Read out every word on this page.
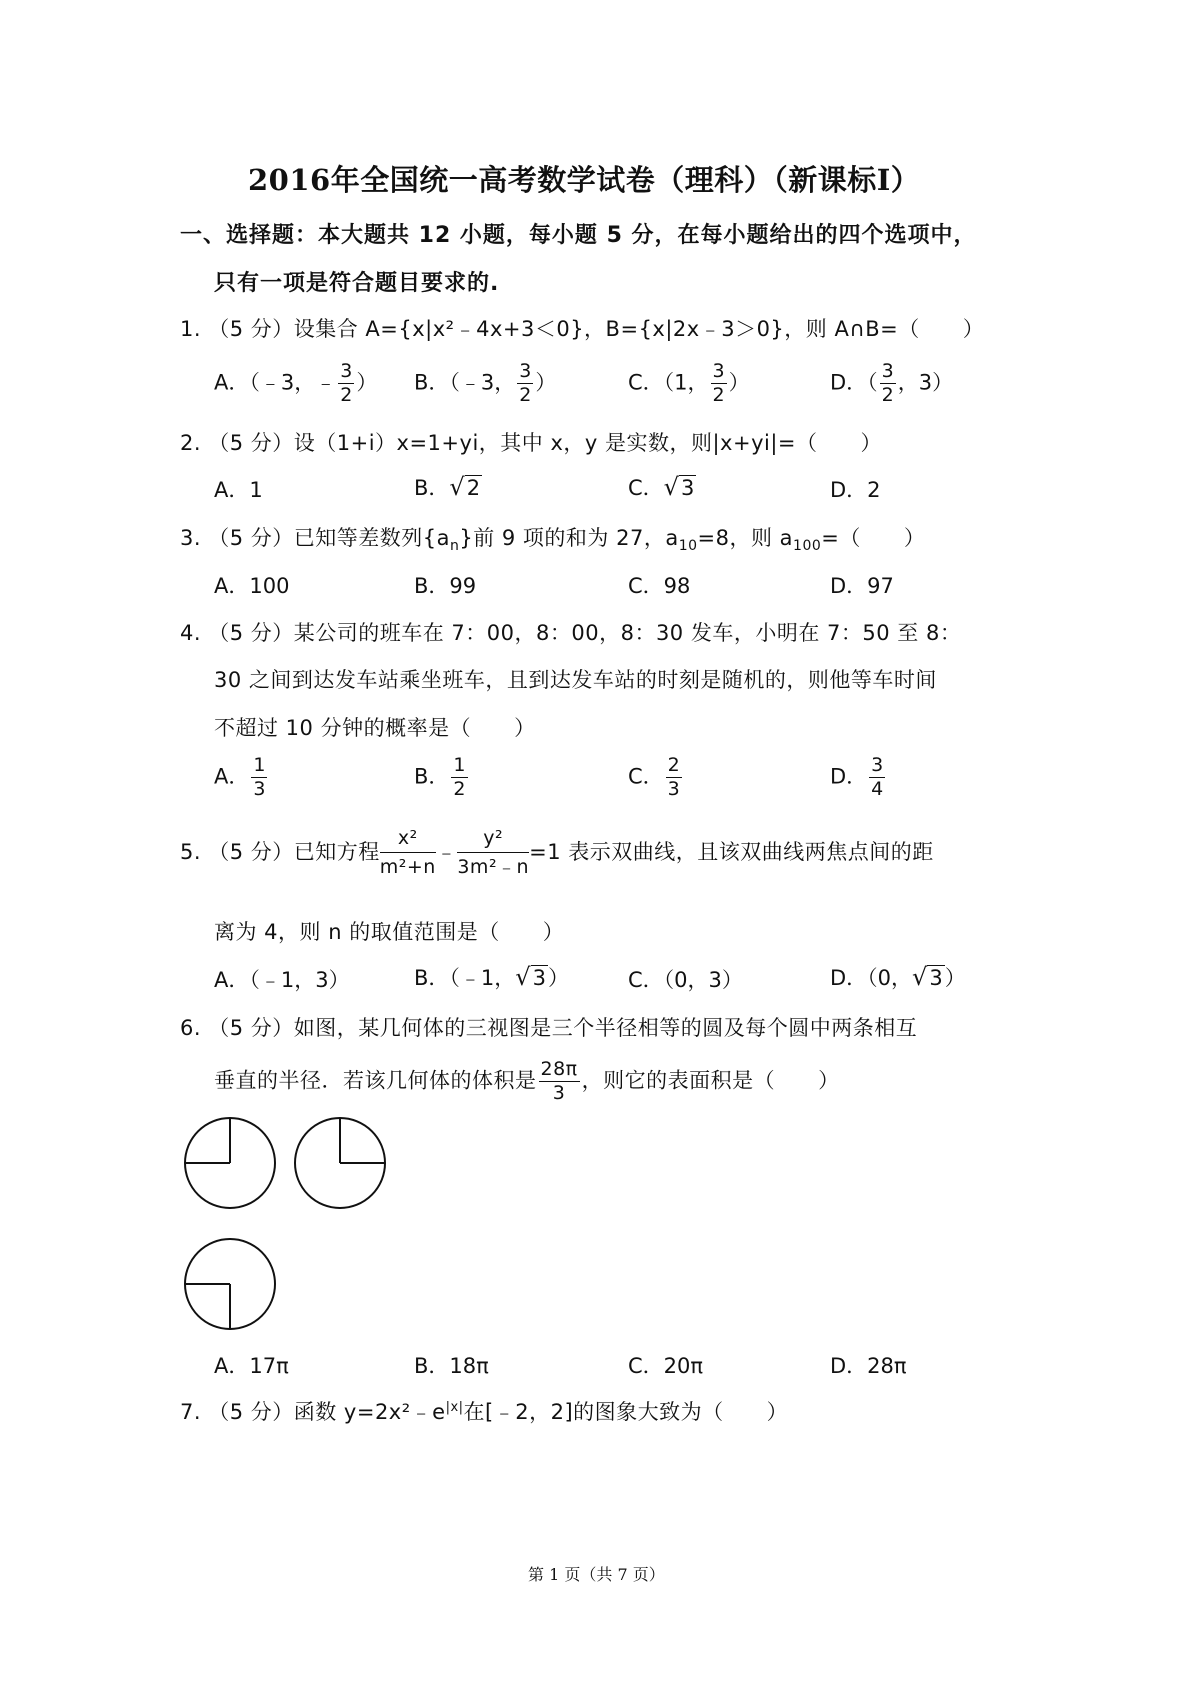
2016年全国统一高考数学试卷（理科）（新课标Ⅰ）
一、选择题：本大题共 12 小题，每小题 5 分，在每小题给出的四个选项中，
只有一项是符合题目要求的.
1. （5 分）设集合 A={x|x²﹣4x+3＜0}，B={x|2x﹣3＞0}，则 A∩B=（　　）
A．（﹣3，﹣ $\frac{3}{2}$ ） B．（﹣3， $\frac{3}{2}$ ）	C．（1， $\frac{3}{2}$ ）	D．（ $\frac{3}{2}$ ，3）
2. （5 分）设（1+i）x=1+yi，其中 x，y 是实数，则|x+yi|=（　　）
A．1	B．√2	C．√3	D．2
3. （5 分）已知等差数列$\{a_n\}$前 9 项的和为 27，$a_{10}=8$，则 $a_{100}=$（　　）
A．100	B．99	C．98	D．97
4. （5 分）某公司的班车在 7：00，8：00，8：30 发车，小明在 7：50 至 8：
30 之间到达发车站乘坐班车，且到达发车站的时刻是随机的，则他等车时间
不超过 10 分钟的概率是（　　）
A． $\frac{1}{3}$	B． $\frac{1}{2}$	C． $\frac{2}{3}$	D． $\frac{3}{4}$
5. （5 分）已知方程 $\frac{\text{x²}}{\text{m²+n}}$ ﹣ $\frac{\text{y²}}{\text{3m²﹣n}} =1$ 表示双曲线，且该双曲线两焦点间的距
离为 4，则 n 的取值范围是（　　）
A．（﹣1，3）	B．（﹣1，√3）	C．（0，3）	D．（0，√3）
6. （5 分）如图，某几何体的三视图是三个半径相等的圆及每个圆中两条相互
垂直的半径．若该几何体的体积是 $\frac{28\pi}{3}$ ，则它的表面积是（　　）
A．17π	B．18π	C．20π	D．28π
7. （5 分）函数 $y=2x^2﹣e^{|x|}$在[﹣2，2]的图象大致为（　　）
第 1 页（共 7 页）
